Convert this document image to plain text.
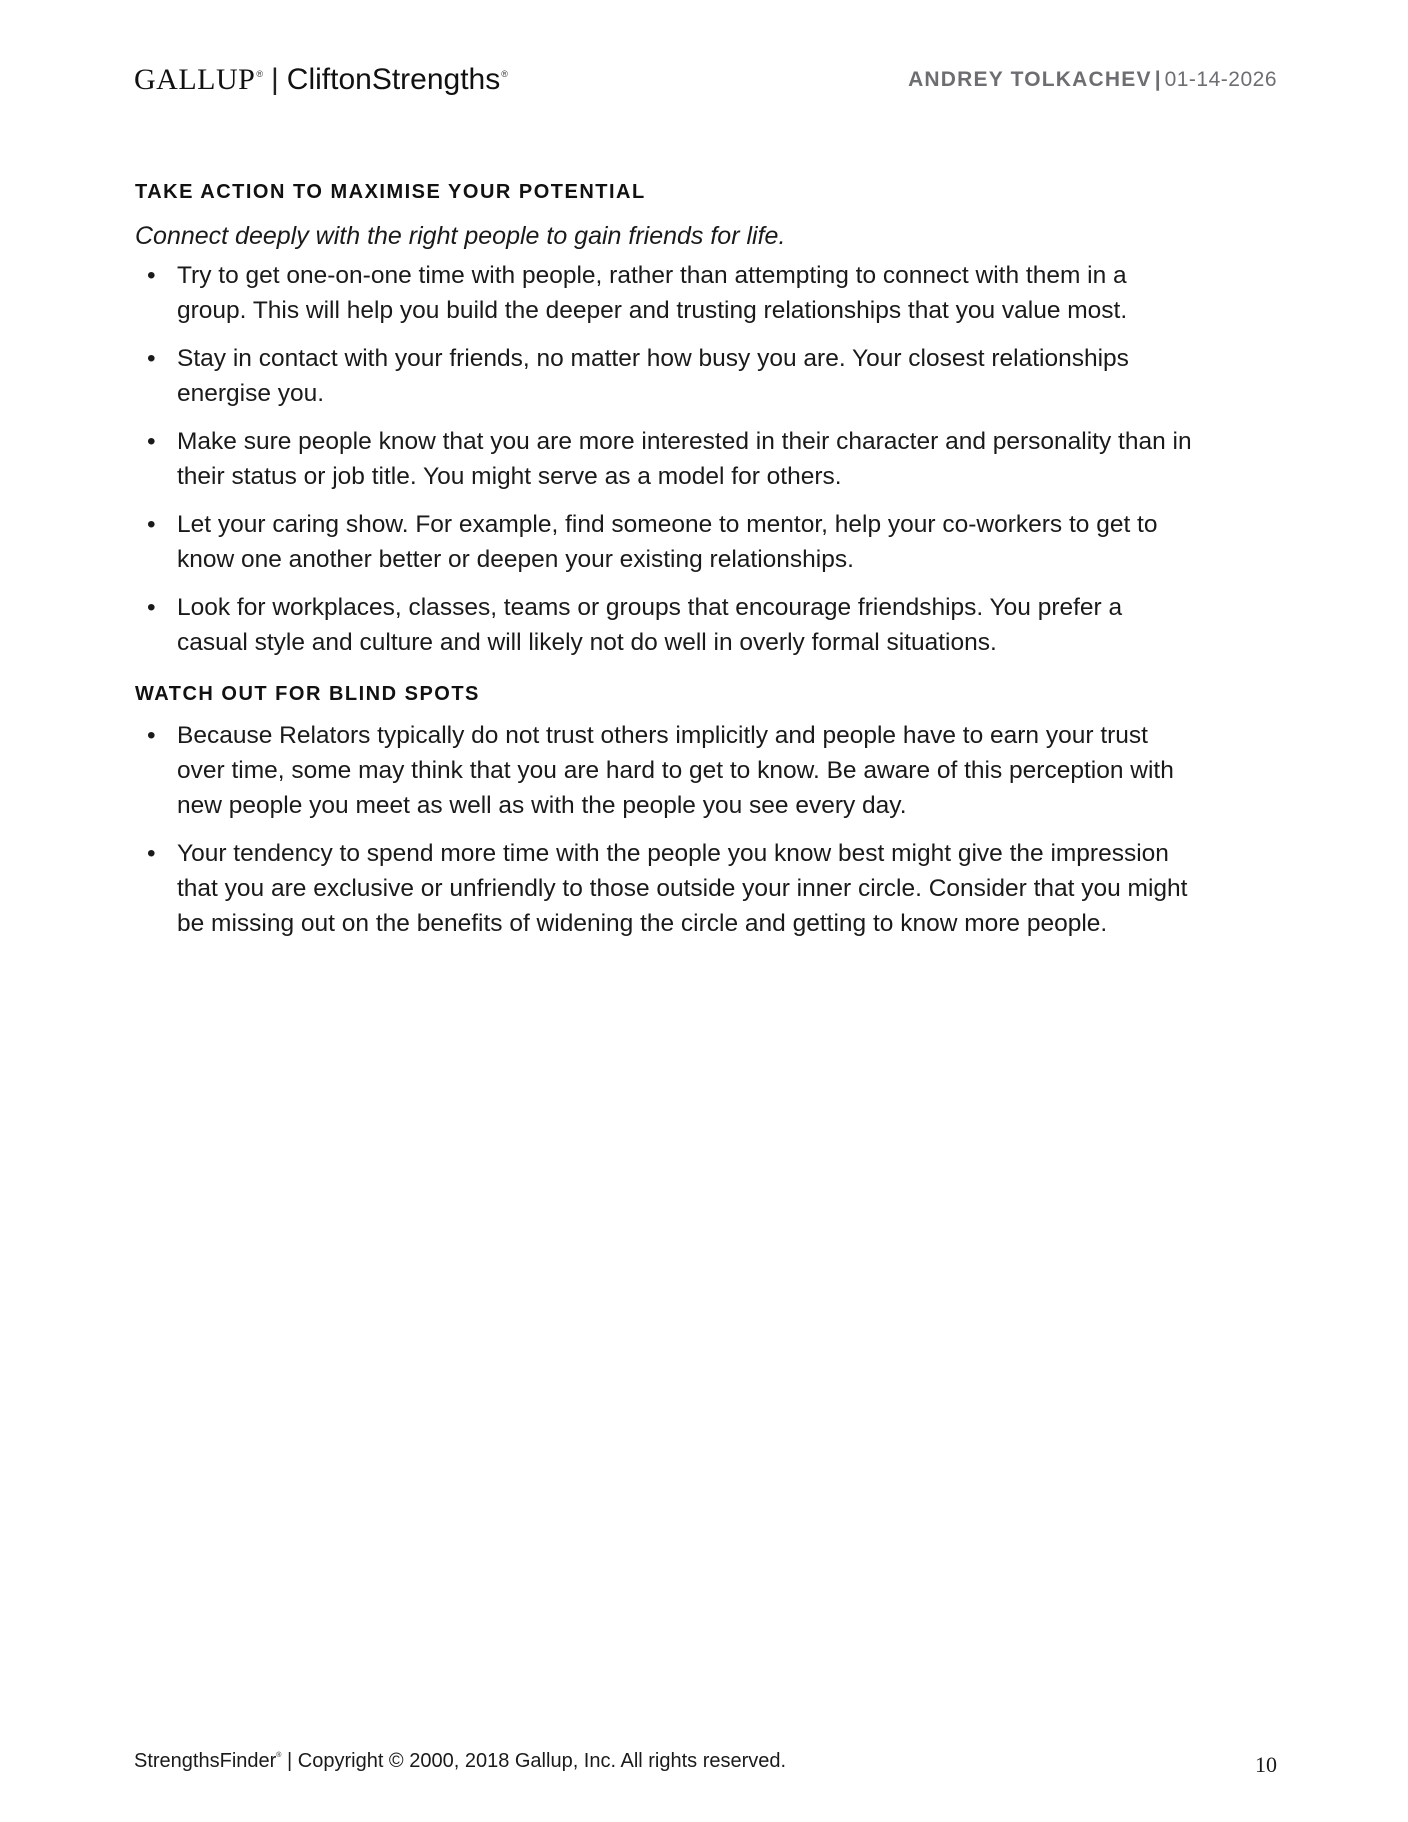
GALLUP® | CliftonStrengths®	ANDREY TOLKACHEV | 01-14-2026
TAKE ACTION TO MAXIMISE YOUR POTENTIAL

Connect deeply with the right people to gain friends for life.

• Try to get one-on-one time with people, rather than attempting to connect with them in a group. This will help you build the deeper and trusting relationships that you value most.
• Stay in contact with your friends, no matter how busy you are. Your closest relationships energise you.
• Make sure people know that you are more interested in their character and personality than in their status or job title. You might serve as a model for others.
• Let your caring show. For example, find someone to mentor, help your co-workers to get to know one another better or deepen your existing relationships.
• Look for workplaces, classes, teams or groups that encourage friendships. You prefer a casual style and culture and will likely not do well in overly formal situations.
WATCH OUT FOR BLIND SPOTS
• Because Relators typically do not trust others implicitly and people have to earn your trust over time, some may think that you are hard to get to know. Be aware of this perception with new people you meet as well as with the people you see every day.
• Your tendency to spend more time with the people you know best might give the impression that you are exclusive or unfriendly to those outside your inner circle. Consider that you might be missing out on the benefits of widening the circle and getting to know more people.
StrengthsFinder® | Copyright © 2000, 2018 Gallup, Inc. All rights reserved.	10
